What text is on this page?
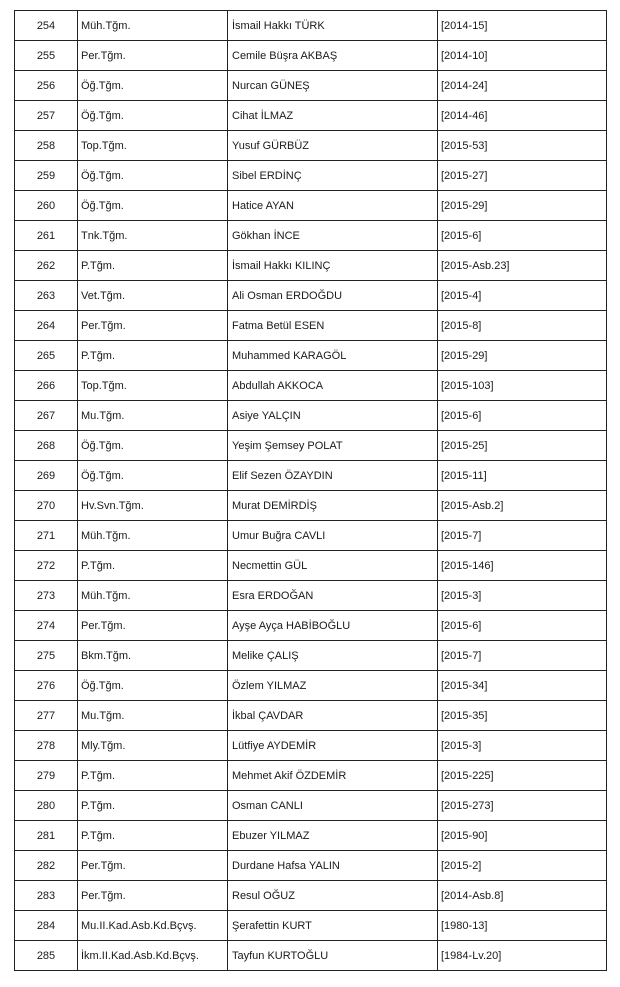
254	Müh.Tğm.	İsmail Hakkı TÜRK	[2014-15]
255	Per.Tğm.	Cemile Büşra AKBAŞ	[2014-10]
256	Öğ.Tğm.	Nurcan GÜNEŞ	[2014-24]
257	Öğ.Tğm.	Cihat İLMAZ	[2014-46]
258	Top.Tğm.	Yusuf GÜRBÜZ	[2015-53]
259	Öğ.Tğm.	Sibel ERDİNÇ	[2015-27]
260	Öğ.Tğm.	Hatice AYAN	[2015-29]
261	Tnk.Tğm.	Gökhan İNCE	[2015-6]
262	P.Tğm.	İsmail Hakkı KILINÇ	[2015-Asb.23]
263	Vet.Tğm.	Ali Osman ERDOĞDU	[2015-4]
264	Per.Tğm.	Fatma Betül ESEN	[2015-8]
265	P.Tğm.	Muhammed KARAGÖL	[2015-29]
266	Top.Tğm.	Abdullah AKKOCA	[2015-103]
267	Mu.Tğm.	Asiye YALÇIN	[2015-6]
268	Öğ.Tğm.	Yeşim Şemsey POLAT	[2015-25]
269	Öğ.Tğm.	Elif Sezen ÖZAYDIN	[2015-11]
270	Hv.Svn.Tğm.	Murat DEMİRDİŞ	[2015-Asb.2]
271	Müh.Tğm.	Umur Buğra CAVLI	[2015-7]
272	P.Tğm.	Necmettin GÜL	[2015-146]
273	Müh.Tğm.	Esra ERDOĞAN	[2015-3]
274	Per.Tğm.	Ayşe Ayça HABİBOĞLU	[2015-6]
275	Bkm.Tğm.	Melike ÇALIŞ	[2015-7]
276	Öğ.Tğm.	Özlem YILMAZ	[2015-34]
277	Mu.Tğm.	İkbal ÇAVDAR	[2015-35]
278	Mly.Tğm.	Lütfiye AYDEMİR	[2015-3]
279	P.Tğm.	Mehmet Akif ÖZDEMİR	[2015-225]
280	P.Tğm.	Osman CANLI	[2015-273]
281	P.Tğm.	Ebuzer YILMAZ	[2015-90]
282	Per.Tğm.	Durdane Hafsa YALIN	[2015-2]
283	Per.Tğm.	Resul OĞUZ	[2014-Asb.8]
284	Mu.II.Kad.Asb.Kd.Bçvş.	Şerafettin KURT	[1980-13]
285	İkm.II.Kad.Asb.Kd.Bçvş.	Tayfun KURTOĞLU	[1984-Lv.20]
